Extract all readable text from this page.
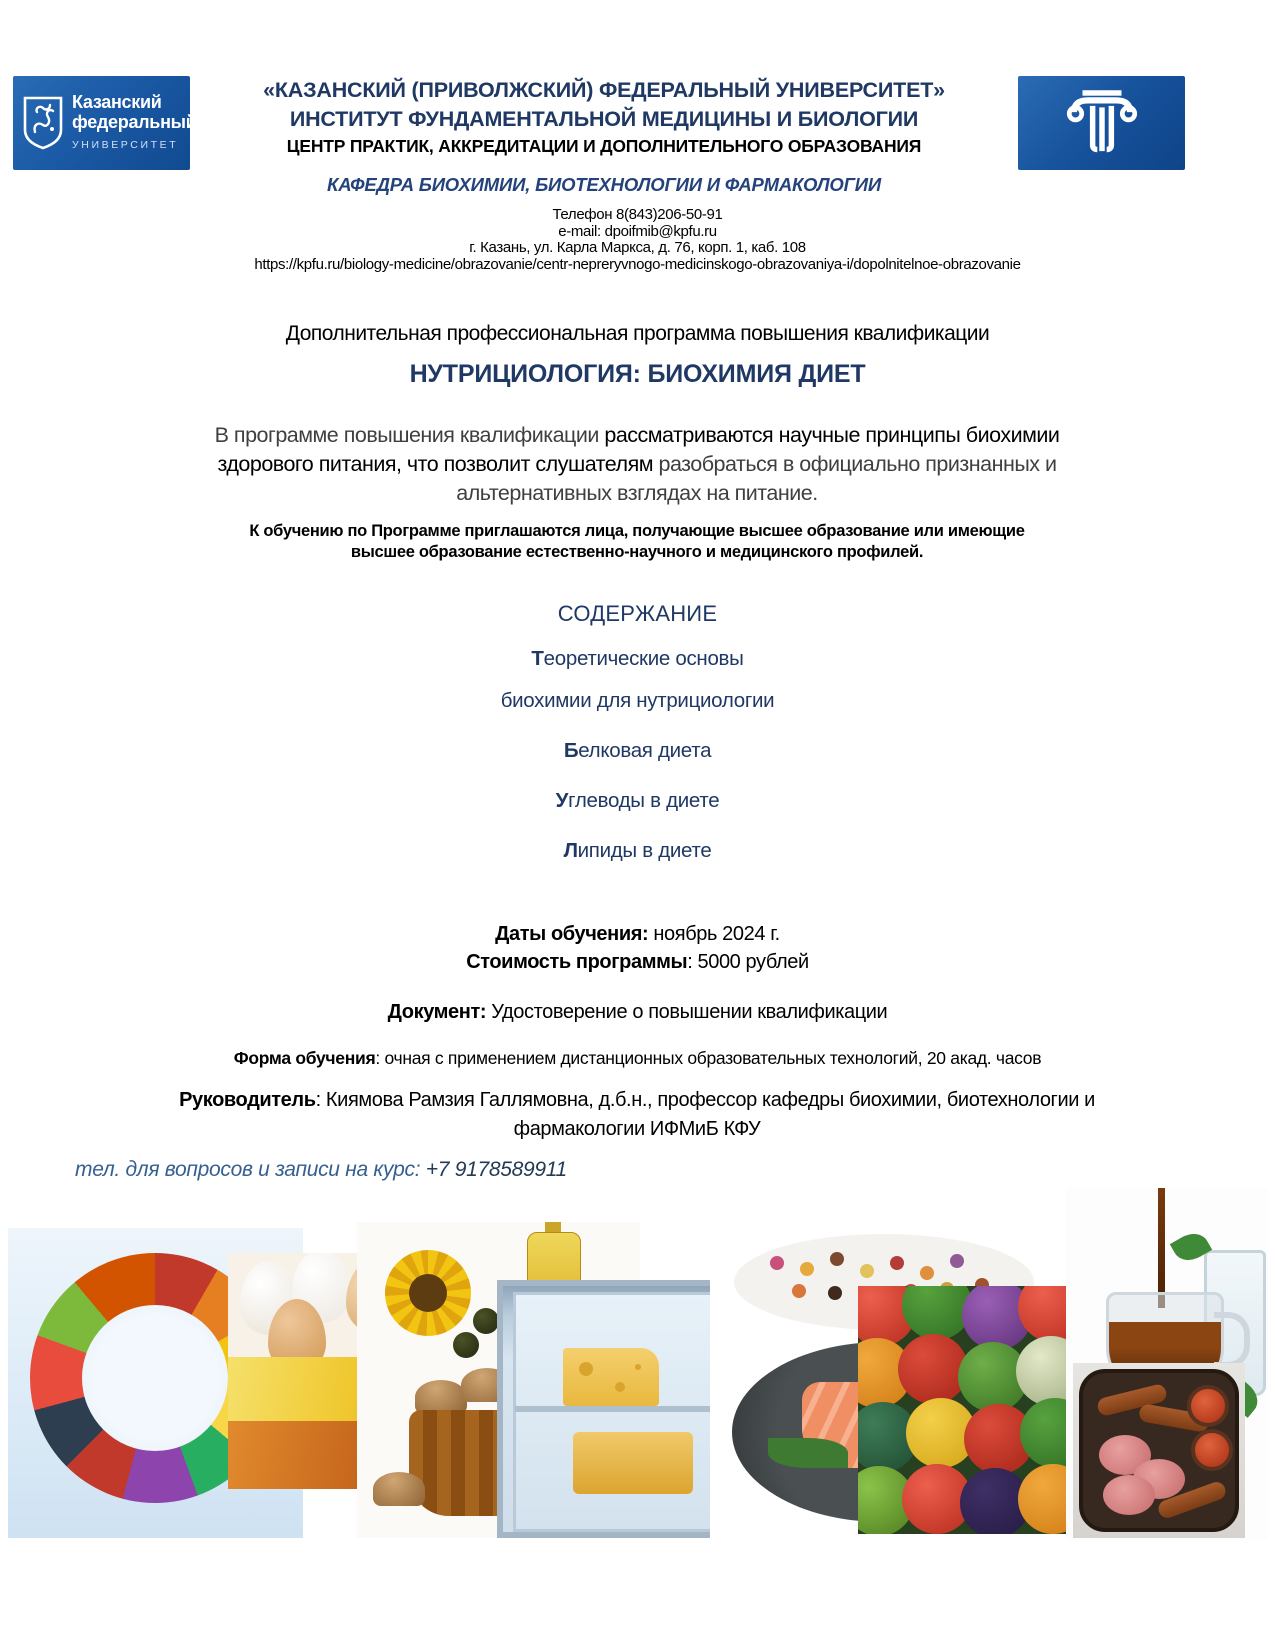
Казанский
федеральный
УНИВЕРСИТЕТ
«КАЗАНСКИЙ (ПРИВОЛЖСКИЙ) ФЕДЕРАЛЬНЫЙ УНИВЕРСИТЕТ»
ИНСТИТУТ ФУНДАМЕНТАЛЬНОЙ МЕДИЦИНЫ И БИОЛОГИИ
ЦЕНТР ПРАКТИК, АККРЕДИТАЦИИ И ДОПОЛНИТЕЛЬНОГО ОБРАЗОВАНИЯ
КАФЕДРА БИОХИМИИ, БИОТЕХНОЛОГИИ И ФАРМАКОЛОГИИ
Телефон 8(843)206-50-91
e-mail: dpoifmib@kpfu.ru
г. Казань, ул. Карла Маркса, д. 76, корп. 1, каб. 108
https://kpfu.ru/biology-medicine/obrazovanie/centr-nepreryvnogo-medicinskogo-obrazovaniya-i/dopolnitelnoe-obrazovanie
Дополнительная профессиональная программа повышения квалификации
НУТРИЦИОЛОГИЯ: БИОХИМИЯ ДИЕТ
В программе повышения квалификации рассматриваются научные принципы биохимии здорового питания, что позволит слушателям разобраться в официально признанных и альтернативных взглядах на питание.
К обучению по Программе приглашаются лица, получающие высшее образование или имеющие высшее образование естественно-научного и медицинского профилей.
СОДЕРЖАНИЕ
Теоретические основы
биохимии для нутрициологии
Белковая диета
Углеводы в диете
Липиды в диете
Даты обучения: ноябрь 2024 г.
Стоимость программы: 5000 рублей
Документ: Удостоверение о повышении квалификации
Форма обучения: очная с применением дистанционных образовательных технологий, 20 акад. часов
Руководитель: Киямова Рамзия Галлямовна, д.б.н., профессор кафедры биохимии, биотехнологии и фармакологии ИФМиБ КФУ
тел. для вопросов и записи на курс: +7 9178589911
